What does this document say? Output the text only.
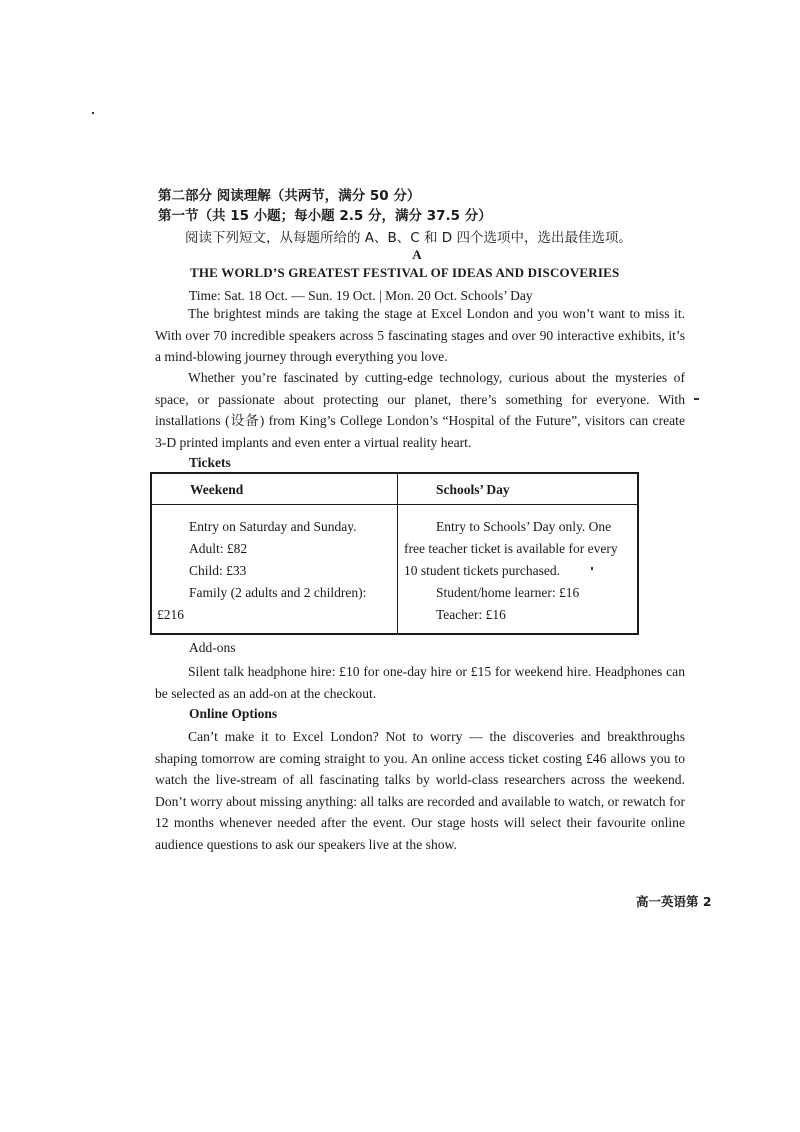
第二部分 阅读理解（共两节，满分 50 分）
第一节（共 15 小题；每小题 2.5 分，满分 37.5 分）
阅读下列短文，从每题所给的 A、B、C 和 D 四个选项中，选出最佳选项。
A
THE WORLD’S GREATEST FESTIVAL OF IDEAS AND DISCOVERIES
Time: Sat. 18 Oct. — Sun. 19 Oct. | Mon. 20 Oct. Schools’ Day
The brightest minds are taking the stage at Excel London and you won’t want to miss it. With over 70 incredible speakers across 5 fascinating stages and over 90 interactive exhibits, it’s a mind-blowing journey through everything you love.
Whether you’re fascinated by cutting-edge technology, curious about the mysteries of space, or passionate about protecting our planet, there’s something for everyone. With installations (设备) from King’s College London’s “Hospital of the Future”, visitors can create 3-D printed implants and even enter a virtual reality heart.
Tickets
Weekend	Schools’ Day
Entry on Saturday and Sunday.
Adult: £82
Child: £33
Family (2 adults and 2 children):
£216
Entry to Schools’ Day only. One
free teacher ticket is available for every
10 student tickets purchased.
Student/home learner: £16
Teacher: £16
Add-ons
Silent talk headphone hire: £10 for one-day hire or £15 for weekend hire. Headphones can be selected as an add-on at the checkout.
Online Options
Can’t make it to Excel London? Not to worry — the discoveries and breakthroughs shaping tomorrow are coming straight to you. An online access ticket costing £46 allows you to watch the live-stream of all fascinating talks by world-class researchers across the weekend. Don’t worry about missing anything: all talks are recorded and available to watch, or rewatch for 12 months whenever needed after the event. Our stage hosts will select their favourite online audience questions to ask our speakers live at the show.
高一英语第 2
